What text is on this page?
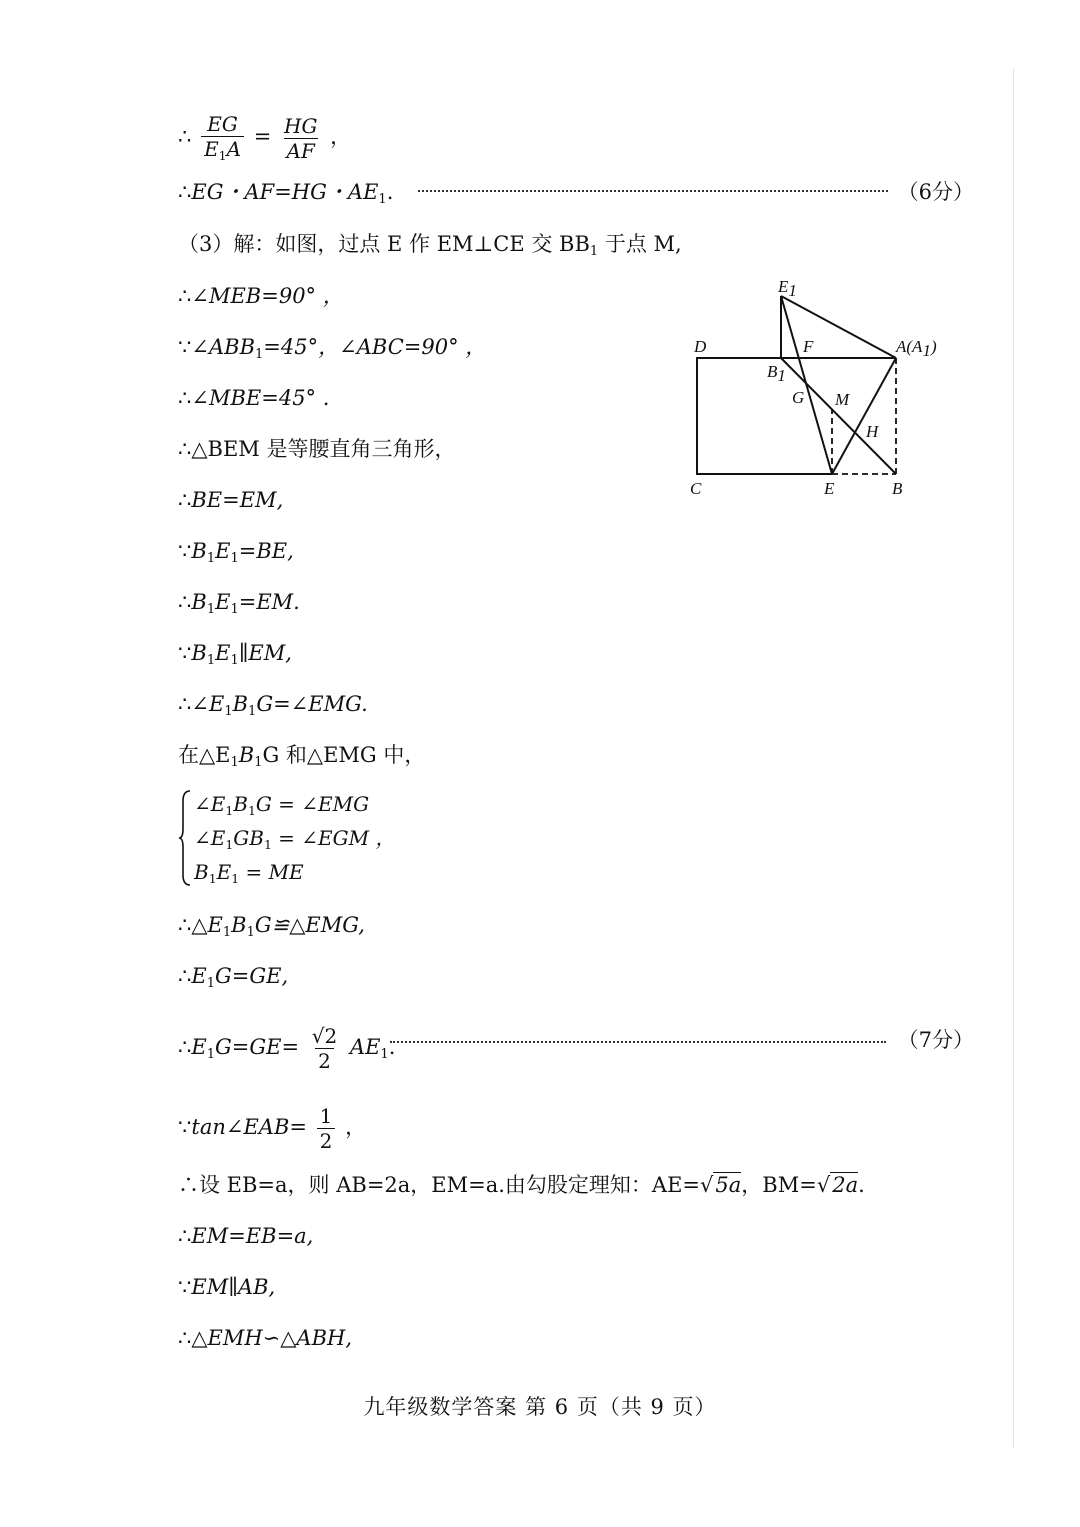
∴ $\frac{EG}{E1A} = \frac{HG}{AF}$ ，
∴EG・AF=HG・AE1.	（6分）
（3）解：如图，过点 E 作 EM⊥CE 交 BB1 于点 M,
∴∠MEB=90° ，
∵∠ABB1=45°，∠ABC=90° ，
∴∠MBE=45° .
∴△BEM 是等腰直角三角形，
∴BE=EM,
∵B1E1=BE,
∴B1E1=EM.
∵B1E1∥EM,
∴∠E1B1G=∠EMG.
在△E1B1G 和△EMG 中，
∠E1B1G = ∠EMG
∠E1GB1 = ∠EGM ，
B1E1 = ME
∴△E1B1G≌△EMG,
∴E1G=GE,
∴E1G=GE= $\frac{√2}{2} AE1$.	（7分）
∵tan∠EAB= $\frac{1}{2}$ ，
∴设 EB=a，则 AB=2a，EM=a.由勾股定理知：AE=√5a，BM=√2a.
∴EM=EB=a,
∵EM∥AB,
∴△EMH∽△ABH,
E1
D	F	A(A1)
B1
G M
H
C	E	B
九年级数学答案 第 6 页（共 9 页）
